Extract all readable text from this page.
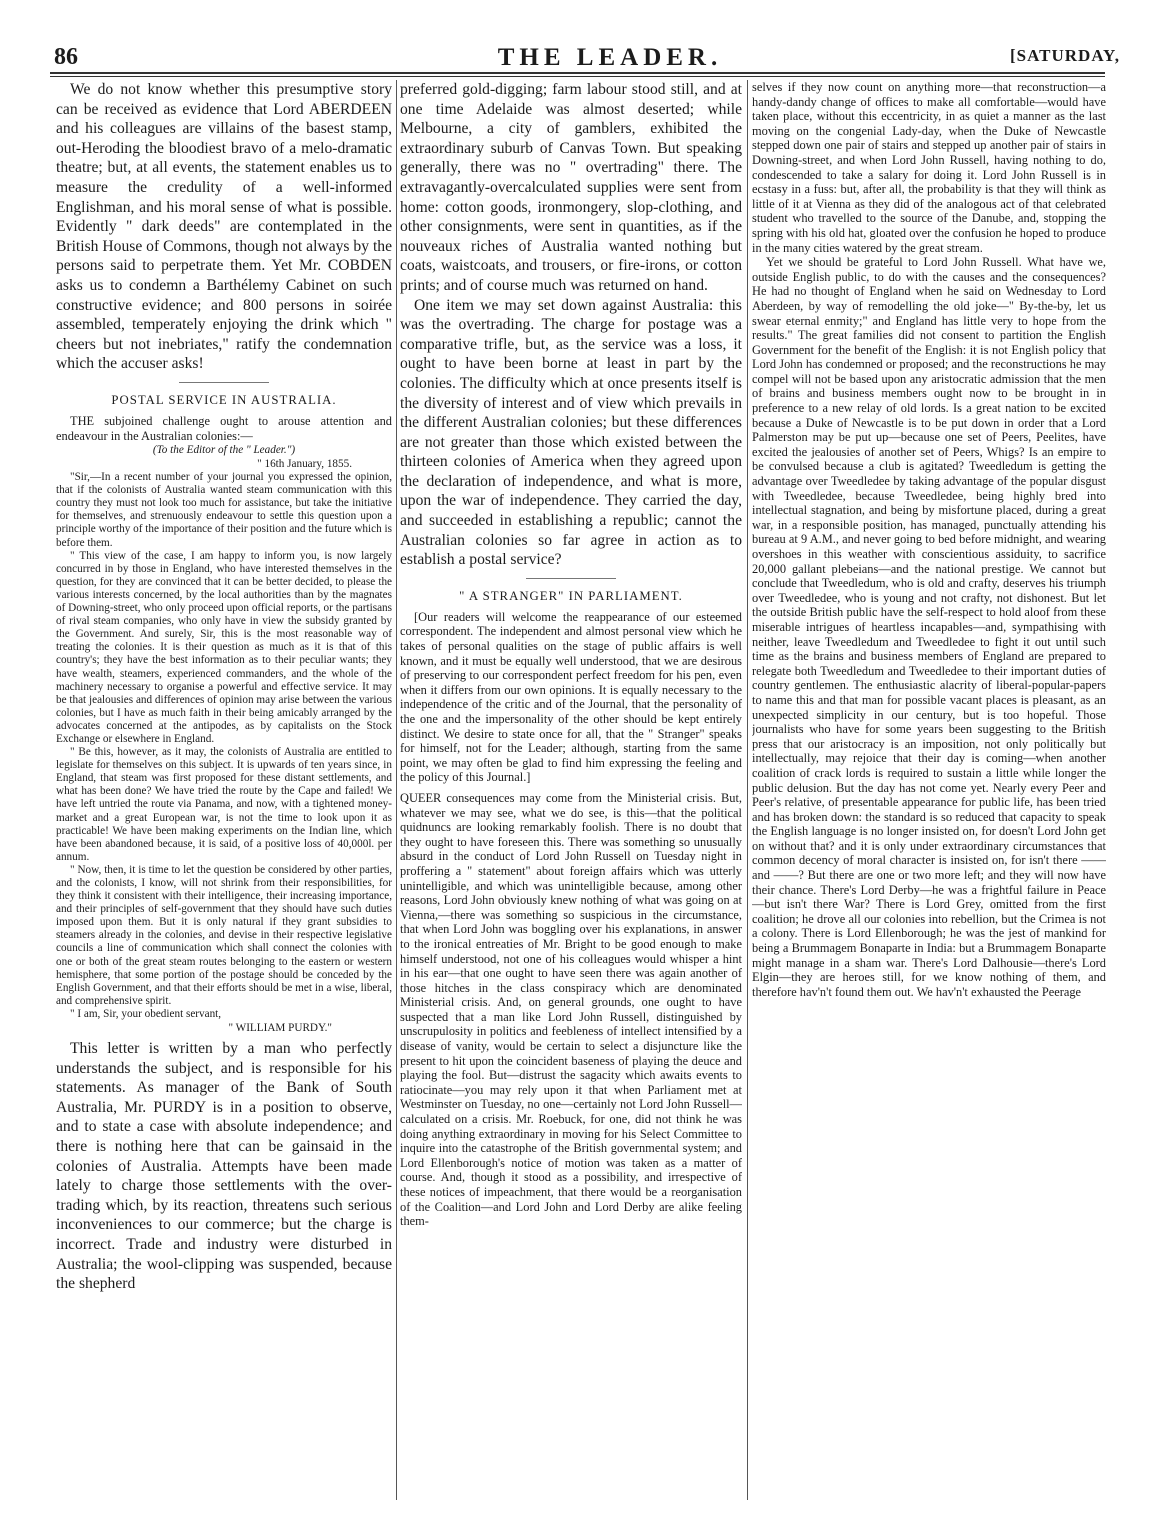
86	THE LEADER.	[SATURDAY,

We do not know whether this presumptive story can be received as evidence that Lord ABERDEEN and his colleagues are villains of the basest stamp, out-Heroding the bloodiest bravo of a melo-dramatic theatre; but, at all events, the statement enables us to measure the credulity of a well-informed Englishman, and his moral sense of what is possible. Evidently " dark deeds" are contemplated in the British House of Commons, though not always by the persons said to perpetrate them. Yet Mr. COBDEN asks us to condemn a Barthélemy Cabinet on such constructive evidence; and 800 persons in soirée assembled, temperately enjoying the drink which " cheers but not inebriates," ratify the condemnation which the accuser asks!

POSTAL SERVICE IN AUSTRALIA.

THE subjoined challenge ought to arouse attention and endeavour in the Australian colonies:—

(To the Editor of the " Leader.")
" 16th January, 1855.

"Sir,—In a recent number of your journal you expressed the opinion, that if the colonists of Australia wanted steam communication with this country they must not look too much for assistance, but take the initiative for themselves, and strenuously endeavour to settle this question upon a principle worthy of the importance of their position and the future which is before them.

" This view of the case, I am happy to inform you, is now largely concurred in by those in England, who have interested themselves in the question, for they are convinced that it can be better decided, to please the various interests concerned, by the local authorities than by the magnates of Downing-street, who only proceed upon official reports, or the partisans of rival steam companies, who only have in view the subsidy granted by the Government. And surely, Sir, this is the most reasonable way of treating the colonies. It is their question as much as it is that of this country's; they have the best information as to their peculiar wants; they have wealth, steamers, experienced commanders, and the whole of the machinery necessary to organise a powerful and effective service. It may be that jealousies and differences of opinion may arise between the various colonies, but I have as much faith in their being amicably arranged by the advocates concerned at the antipodes, as by capitalists on the Stock Exchange or elsewhere in England.

" Be this, however, as it may, the colonists of Australia are entitled to legislate for themselves on this subject. It is upwards of ten years since, in England, that steam was first proposed for these distant settlements, and what has been done? We have tried the route by the Cape and failed! We have left untried the route via Panama, and now, with a tightened money-market and a great European war, is not the time to look upon it as practicable! We have been making experiments on the Indian line, which have been abandoned because, it is said, of a positive loss of 40,000l. per annum.

" Now, then, it is time to let the question be considered by other parties, and the colonists, I know, will not shrink from their responsibilities, for they think it consistent with their intelligence, their increasing importance, and their principles of self-government that they should have such duties imposed upon them. But it is only natural if they grant subsidies to steamers already in the colonies, and devise in their respective legislative councils a line of communication which shall connect the colonies with one or both of the great steam routes belonging to the eastern or western hemisphere, that some portion of the postage should be conceded by the English Government, and that their efforts should be met in a wise, liberal, and comprehensive spirit.

" I am, Sir, your obedient servant,

" WILLIAM PURDY."

This letter is written by a man who perfectly understands the subject, and is responsible for his statements. As manager of the Bank of South Australia, Mr. PURDY is in a position to observe, and to state a case with absolute independence; and there is nothing here that can be gainsaid in the colonies of Australia. Attempts have been made lately to charge those settlements with the over-trading which, by its reaction, threatens such serious inconveniences to our commerce; but the charge is incorrect. Trade and industry were disturbed in Australia; the wool-clipping was suspended, because the shepherd

preferred gold-digging; farm labour stood still, and at one time Adelaide was almost deserted; while Melbourne, a city of gamblers, exhibited the extraordinary suburb of Canvas Town. But speaking generally, there was no " overtrading" there. The extravagantly-overcalculated supplies were sent from home: cotton goods, ironmongery, slop-clothing, and other consignments, were sent in quantities, as if the nouveaux riches of Australia wanted nothing but coats, waistcoats, and trousers, or fire-irons, or cotton prints; and of course much was returned on hand.

One item we may set down against Australia: this was the overtrading. The charge for postage was a comparative trifle, but, as the service was a loss, it ought to have been borne at least in part by the colonies. The difficulty which at once presents itself is the diversity of interest and of view which prevails in the different Australian colonies; but these differences are not greater than those which existed between the thirteen colonies of America when they agreed upon the declaration of independence, and what is more, upon the war of independence. They carried the day, and succeeded in establishing a republic; cannot the Australian colonies so far agree in action as to establish a postal service?

" A STRANGER" IN PARLIAMENT.

[Our readers will welcome the reappearance of our esteemed correspondent. The independent and almost personal view which he takes of personal qualities on the stage of public affairs is well known, and it must be equally well understood, that we are desirous of preserving to our correspondent perfect freedom for his pen, even when it differs from our own opinions. It is equally necessary to the independence of the critic and of the Journal, that the personality of the one and the impersonality of the other should be kept entirely distinct. We desire to state once for all, that the " Stranger" speaks for himself, not for the Leader; although, starting from the same point, we may often be glad to find him expressing the feeling and the policy of this Journal.]

QUEER consequences may come from the Ministerial crisis. But, whatever we may see, what we do see, is this—that the political quidnuncs are looking remarkably foolish. There is no doubt that they ought to have foreseen this. There was something so unusually absurd in the conduct of Lord John Russell on Tuesday night in proffering a " statement" about foreign affairs which was utterly unintelligible, and which was unintelligible because, among other reasons, Lord John obviously knew nothing of what was going on at Vienna,—there was something so suspicious in the circumstance, that when Lord John was boggling over his explanations, in answer to the ironical entreaties of Mr. Bright to be good enough to make himself understood, not one of his colleagues would whisper a hint in his ear—that one ought to have seen there was again another of those hitches in the class conspiracy which are denominated Ministerial crisis. And, on general grounds, one ought to have suspected that a man like Lord John Russell, distinguished by unscrupulosity in politics and feebleness of intellect intensified by a disease of vanity, would be certain to select a disjuncture like the present to hit upon the coincident baseness of playing the deuce and playing the fool. But—distrust the sagacity which awaits events to ratiocinate—you may rely upon it that when Parliament met at Westminster on Tuesday, no one—certainly not Lord John Russell—calculated on a crisis. Mr. Roebuck, for one, did not think he was doing anything extraordinary in moving for his Select Committee to inquire into the catastrophe of the British governmental system; and Lord Ellenborough's notice of motion was taken as a matter of course. And, though it stood as a possibility, and irrespective of these notices of impeachment, that there would be a reorganisation of the Coalition—and Lord John and Lord Derby are alike feeling them-

selves if they now count on anything more—that reconstruction—a handy-dandy change of offices to make all comfortable—would have taken place, without this eccentricity, in as quiet a manner as the last moving on the congenial Lady-day, when the Duke of Newcastle stepped down one pair of stairs and stepped up another pair of stairs in Downing-street, and when Lord John Russell, having nothing to do, condescended to take a salary for doing it. Lord John Russell is in ecstasy in a fuss: but, after all, the probability is that they will think as little of it at Vienna as they did of the analogous act of that celebrated student who travelled to the source of the Danube, and, stopping the spring with his old hat, gloated over the confusion he hoped to produce in the many cities watered by the great stream.

Yet we should be grateful to Lord John Russell. What have we, outside English public, to do with the causes and the consequences? He had no thought of England when he said on Wednesday to Lord Aberdeen, by way of remodelling the old joke—" By-the-by, let us swear eternal enmity;" and England has little very to hope from the results." The great families did not consent to partition the English Government for the benefit of the English: it is not English policy that Lord John has condemned or proposed; and the reconstructions he may compel will not be based upon any aristocratic admission that the men of brains and business members ought now to be brought in in preference to a new relay of old lords. Is a great nation to be excited because a Duke of Newcastle is to be put down in order that a Lord Palmerston may be put up—because one set of Peers, Peelites, have excited the jealousies of another set of Peers, Whigs? Is an empire to be convulsed because a club is agitated? Tweedledum is getting the advantage over Tweedledee by taking advantage of the popular disgust with Tweedledee, because Tweedledee, being highly bred into intellectual stagnation, and being by misfortune placed, during a great war, in a responsible position, has managed, punctually attending his bureau at 9 A.M., and never going to bed before midnight, and wearing overshoes in this weather with conscientious assiduity, to sacrifice 20,000 gallant plebeians—and the national prestige. We cannot but conclude that Tweedledum, who is old and crafty, deserves his triumph over Tweedledee, who is young and not crafty, not dishonest. But let the outside British public have the self-respect to hold aloof from these miserable intrigues of heartless incapables—and, sympathising with neither, leave Tweedledum and Tweedledee to fight it out until such time as the brains and business members of England are prepared to relegate both Tweedledum and Tweedledee to their important duties of country gentlemen. The enthusiastic alacrity of liberal-popular-papers to name this and that man for possible vacant places is pleasant, as an unexpected simplicity in our century, but is too hopeful. Those journalists who have for some years been suggesting to the British press that our aristocracy is an imposition, not only politically but intellectually, may rejoice that their day is coming—when another coalition of crack lords is required to sustain a little while longer the public delusion. But the day has not come yet. Nearly every Peer and Peer's relative, of presentable appearance for public life, has been tried and has broken down: the standard is so reduced that capacity to speak the English language is no longer insisted on, for doesn't Lord John get on without that? and it is only under extraordinary circumstances that common decency of moral character is insisted on, for isn't there —— and ——? But there are one or two more left; and they will now have their chance. There's Lord Derby—he was a frightful failure in Peace—but isn't there War? There is Lord Grey, omitted from the first coalition; he drove all our colonies into rebellion, but the Crimea is not a colony. There is Lord Ellenborough; he was the jest of mankind for being a Brummagem Bonaparte in India: but a Brummagem Bonaparte might manage in a sham war. There's Lord Dalhousie—there's Lord Elgin—they are heroes still, for we know nothing of them, and therefore hav'n't found them out. We hav'n't exhausted the Peerage
